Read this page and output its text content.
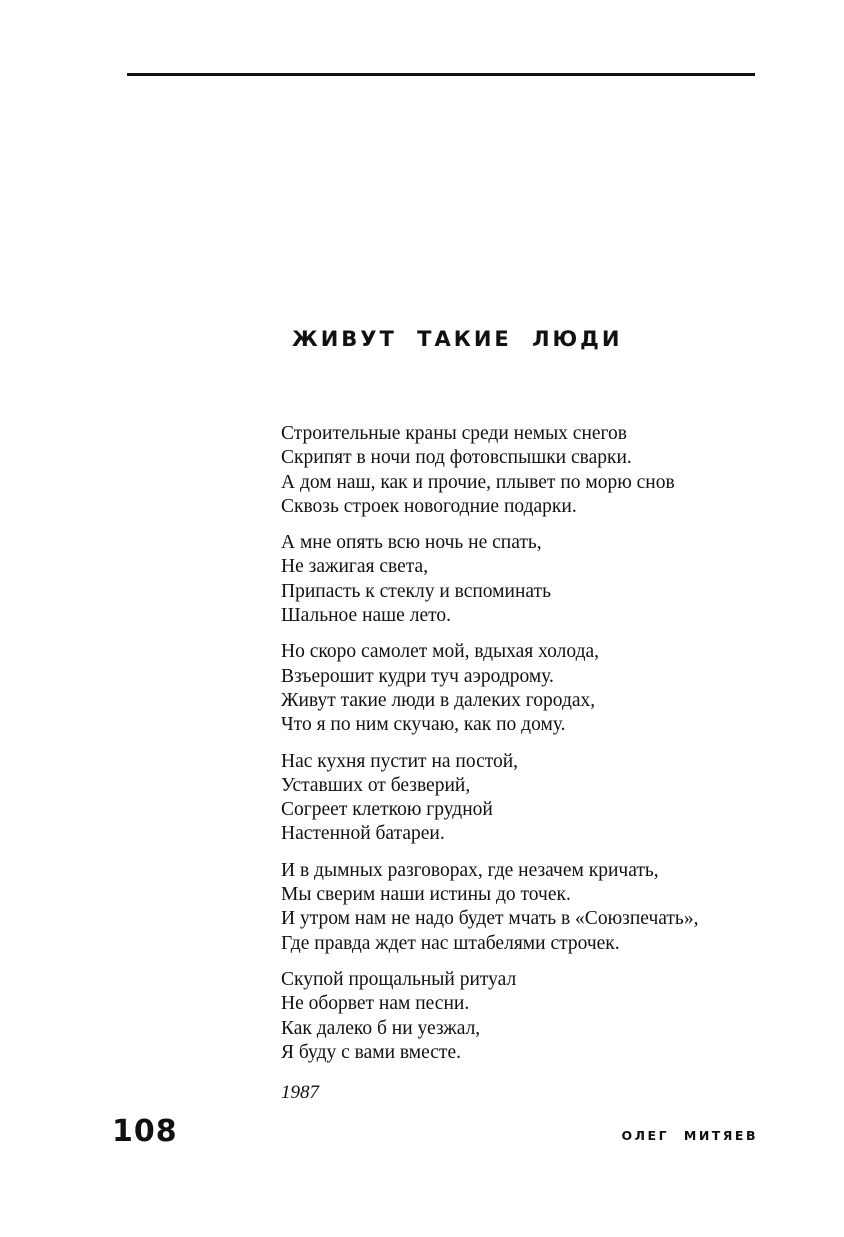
ЖИВУТ ТАКИЕ ЛЮДИ
Строительные краны среди немых снегов
Скрипят в ночи под фотовспышки сварки.
А дом наш, как и прочие, плывет по морю снов
Сквозь строек новогодние подарки.
А мне опять всю ночь не спать,
Не зажигая света,
Припасть к стеклу и вспоминать
Шальное наше лето.
Но скоро самолет мой, вдыхая холода,
Взъерошит кудри туч аэродрому.
Живут такие люди в далеких городах,
Что я по ним скучаю, как по дому.
Нас кухня пустит на постой,
Уставших от безверий,
Согреет клеткою грудной
Настенной батареи.
И в дымных разговорах, где незачем кричать,
Мы сверим наши истины до точек.
И утром нам не надо будет мчать в «Союзпечать»,
Где правда ждет нас штабелями строчек.
Скупой прощальный ритуал
Не оборвет нам песни.
Как далеко б ни уезжал,
Я буду с вами вместе.
1987
108	ОЛЕГ МИТЯЕВ
